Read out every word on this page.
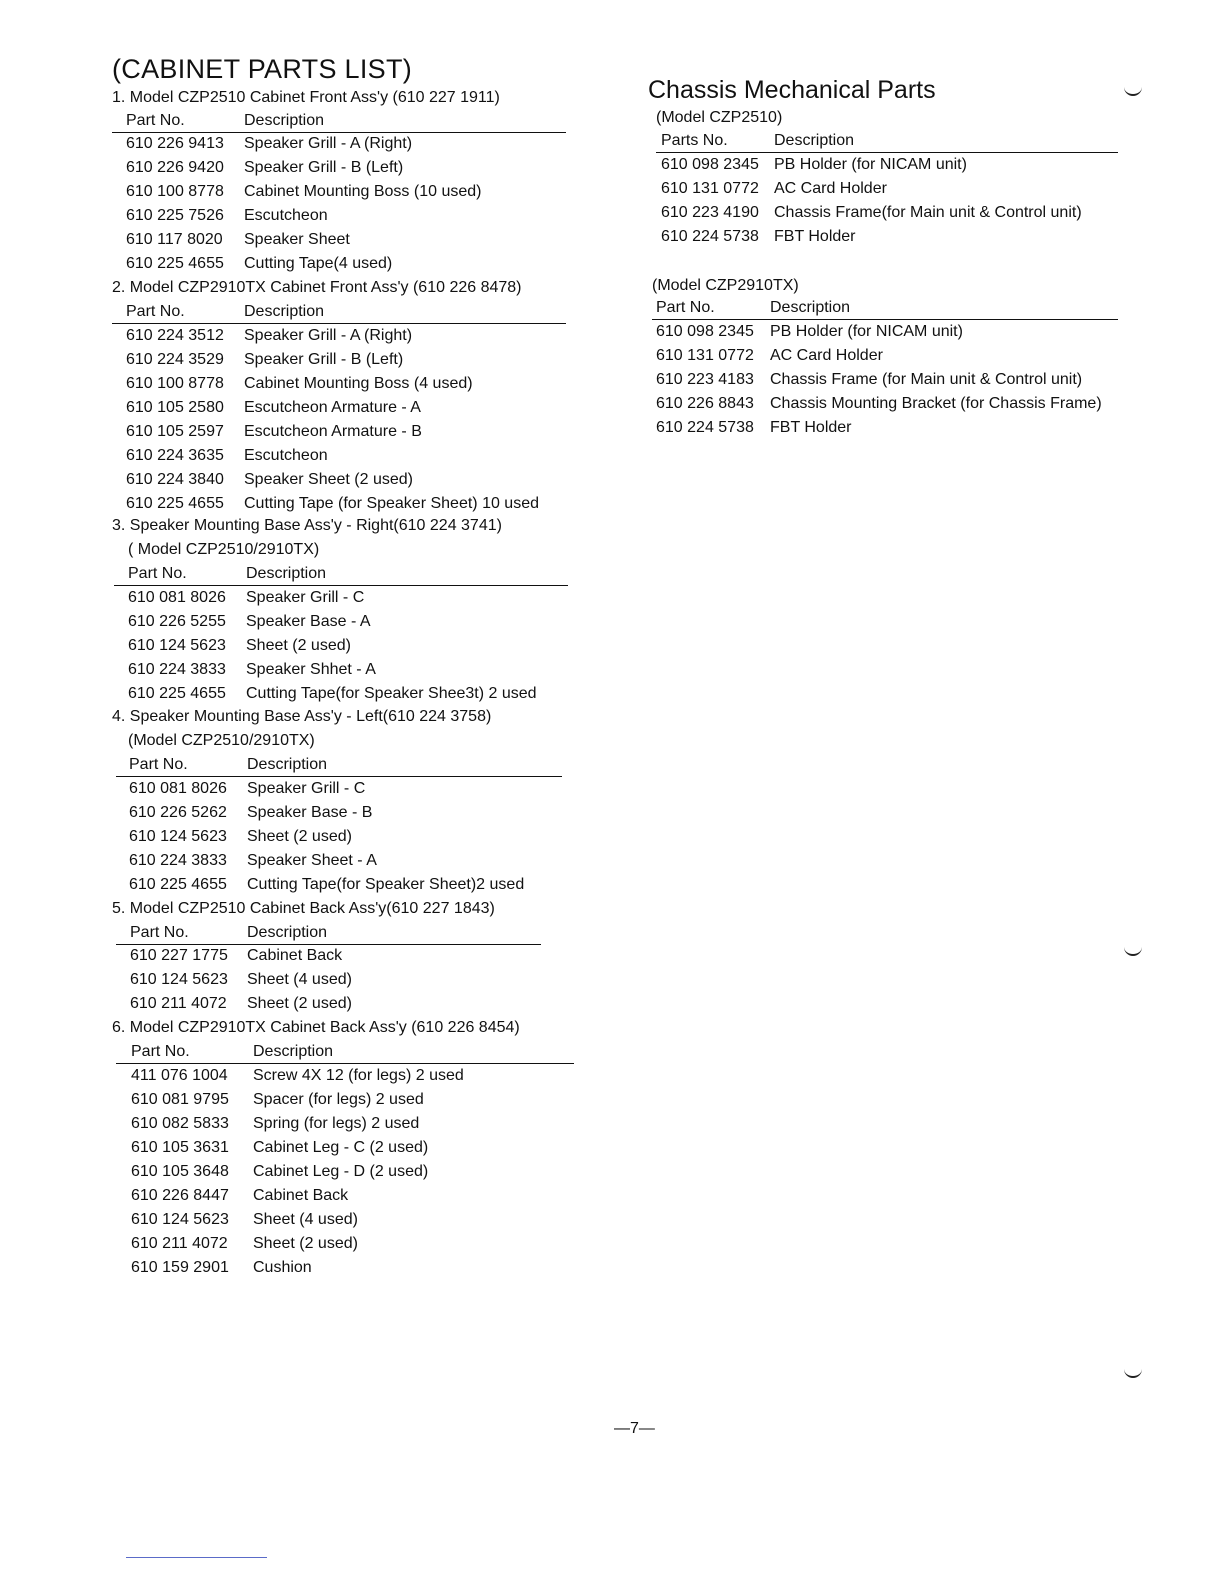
(CABINET PARTS LIST)
1. Model CZP2510 Cabinet Front Ass'y (610 227 1911)
Part No.	Description
610 226 9413 Speaker Grill - A (Right)
610 226 9420 Speaker Grill - B (Left)
610 100 8778 Cabinet Mounting Boss (10 used)
610 225 7526 Escutcheon
610 117 8020 Speaker Sheet
610 225 4655 Cutting Tape(4 used)
2. Model CZP2910TX Cabinet Front Ass'y (610 226 8478)
Part No.	Description
610 224 3512 Speaker Grill - A (Right)
610 224 3529 Speaker Grill - B (Left)
610 100 8778 Cabinet Mounting Boss (4 used)
610 105 2580 Escutcheon Armature - A
610 105 2597 Escutcheon Armature - B
610 224 3635 Escutcheon
610 224 3840 Speaker Sheet (2 used)
610 225 4655 Cutting Tape (for Speaker Sheet) 10 used
3. Speaker Mounting Base Ass'y - Right(610 224 3741)
( Model CZP2510/2910TX)
Part No.	Description
610 081 8026 Speaker Grill - C
610 226 5255 Speaker Base - A
610 124 5623 Sheet (2 used)
610 224 3833 Speaker Shhet - A
610 225 4655 Cutting Tape(for Speaker Shee3t) 2 used
4. Speaker Mounting Base Ass'y - Left(610 224 3758)
(Model CZP2510/2910TX)
Part No.	Description
610 081 8026 Speaker Grill - C
610 226 5262 Speaker Base - B
610 124 5623 Sheet (2 used)
610 224 3833 Speaker Sheet - A
610 225 4655 Cutting Tape(for Speaker Sheet)2 used
5. Model CZP2510 Cabinet Back Ass'y(610 227 1843)
Part No.	Description
610 227 1775 Cabinet Back
610 124 5623 Sheet (4 used)
610 211 4072 Sheet (2 used)
6. Model CZP2910TX Cabinet Back Ass'y (610 226 8454)
Part No.	Description
411 076 1004 Screw 4X 12 (for legs) 2 used
610 081 9795 Spacer (for legs) 2 used
610 082 5833 Spring (for legs) 2 used
610 105 3631 Cabinet Leg - C (2 used)
610 105 3648 Cabinet Leg - D (2 used)
610 226 8447 Cabinet Back
610 124 5623 Sheet (4 used)
610 211 4072 Sheet (2 used)
610 159 2901 Cushion
Chassis Mechanical Parts
(Model CZP2510)
Parts No.	Description
610 098 2345 PB Holder (for NICAM unit)
610 131 0772 AC Card Holder
610 223 4190 Chassis Frame(for Main unit & Control unit)
610 224 5738 FBT Holder
(Model CZP2910TX)
Part No.	Description
610 098 2345 PB Holder (for NICAM unit)
610 131 0772 AC Card Holder
610 223 4183 Chassis Frame (for Main unit & Control unit)
610 226 8843 Chassis Mounting Bracket (for Chassis Frame)
610 224 5738 FBT Holder
—7—
